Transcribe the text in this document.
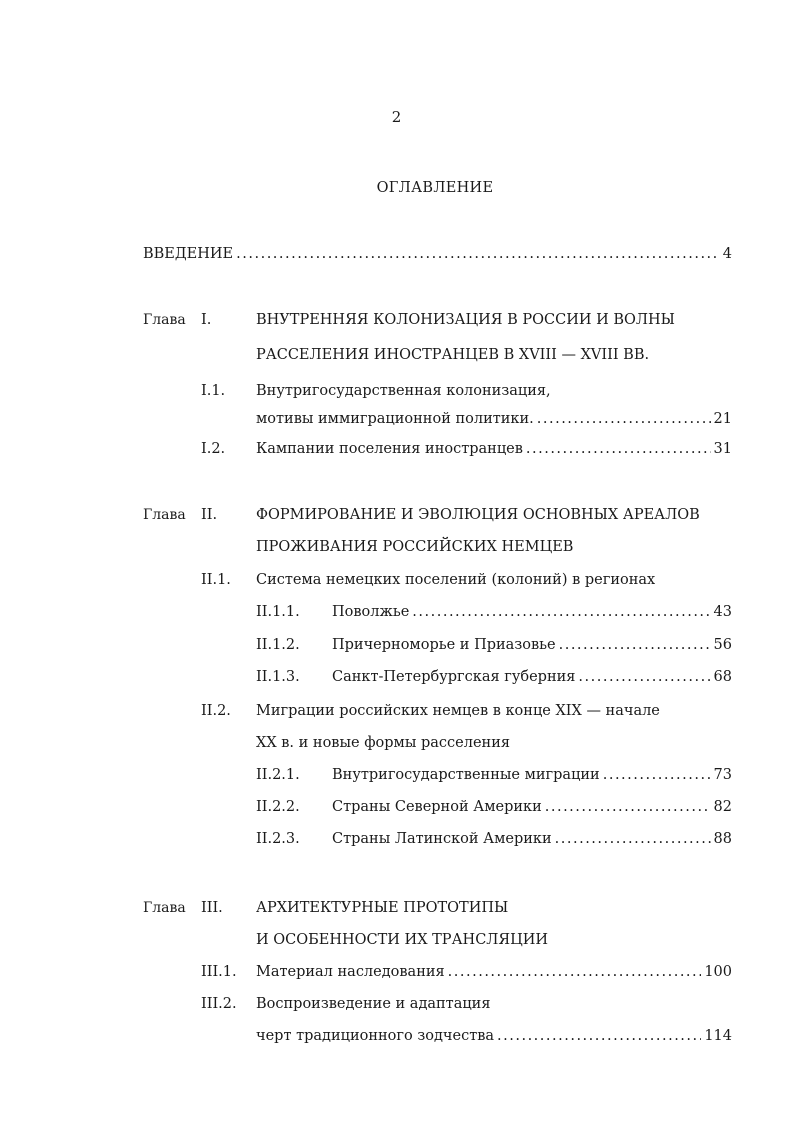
2
ОГЛАВЛЕНИЕ
ВВЕДЕНИЕ .....	4
Глава I.	ВНУТРЕННЯЯ КОЛОНИЗАЦИЯ В РОССИИ И ВОЛНЫ
РАССЕЛЕНИЯ ИНОСТРАНЦЕВ В XVIII — XVIII ВВ.
I.1. Внутригосударственная колонизация,
мотивы иммиграционной политики. .....	21
I.2. Кампании поселения иностранцев .....	31
Глава II.	ФОРМИРОВАНИЕ И ЭВОЛЮЦИЯ ОСНОВНЫХ АРЕАЛОВ
ПРОЖИВАНИЯ РОССИЙСКИХ НЕМЦЕВ
II.1. Система немецких поселений (колоний) в регионах
II.1.1. Поволжье .....	43
II.1.2. Причерноморье и Приазовье .....	56
II.1.3. Санкт-Петербургская губерния .....	68
II.2. Миграции российских немцев в конце XIX — начале
XX в. и новые формы расселения
II.2.1. Внутригосударственные миграции .....	73
II.2.2. Страны Северной Америки .....	82
II.2.3. Страны Латинской Америки .....	88
Глава III. АРХИТЕКТУРНЫЕ ПРОТОТИПЫ
И ОСОБЕННОСТИ ИХ ТРАНСЛЯЦИИ
III.1. Материал наследования .....	100
III.2. Воспроизведение и адаптация
черт традиционного зодчества .....	114
